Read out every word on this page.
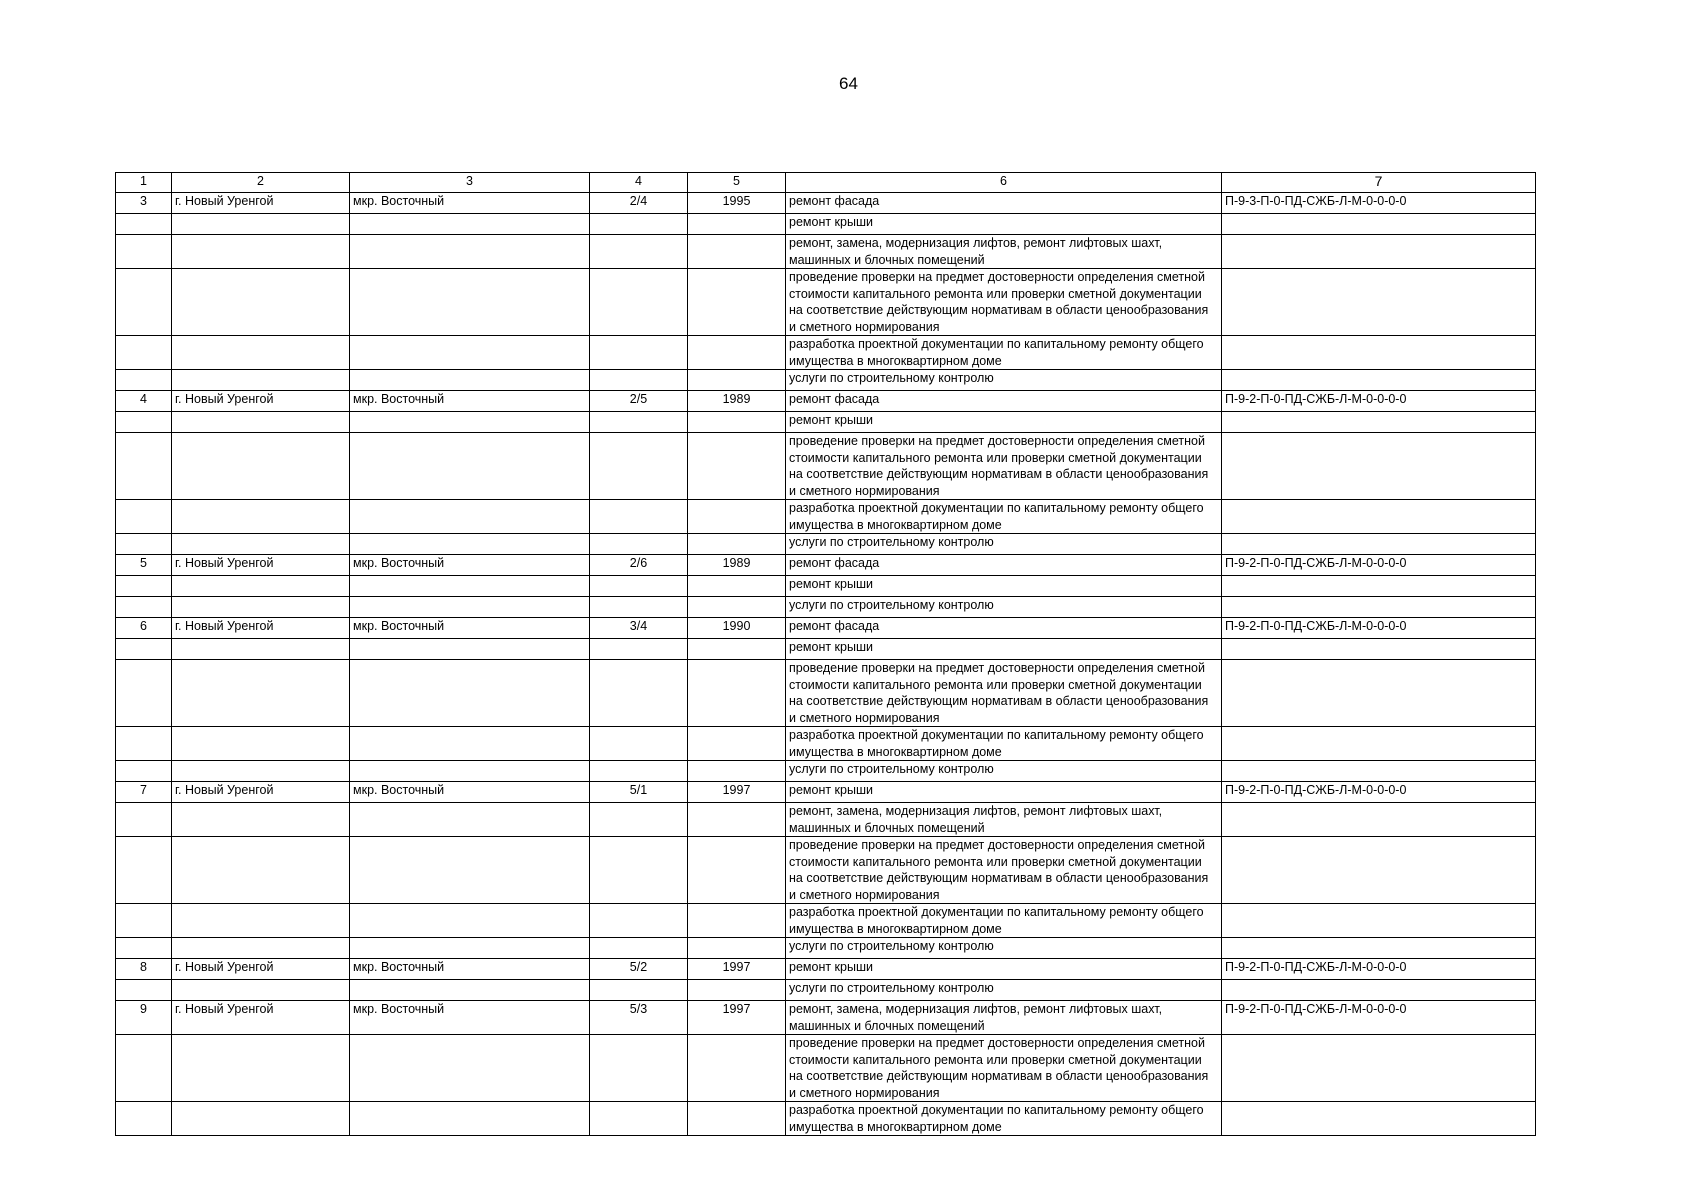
64
1	2	3	4	5	6	7
3	г. Новый Уренгой	мкр. Восточный	2/4	1995	ремонт фасада	П-9-3-П-0-ПД-СЖБ-Л-М-0-0-0-0
					ремонт крыши	
					ремонт, замена, модернизация лифтов, ремонт лифтовых шахт, машинных и блочных помещений	
					проведение проверки на предмет достоверности определения сметной стоимости капитального ремонта или проверки сметной документации на соответствие действующим нормативам в области ценообразования и сметного нормирования	
					разработка проектной документации по капитальному ремонту общего имущества в многоквартирном доме	
					услуги по строительному контролю	
4	г. Новый Уренгой	мкр. Восточный	2/5	1989	ремонт фасада	П-9-2-П-0-ПД-СЖБ-Л-М-0-0-0-0
					ремонт крыши	
					проведение проверки на предмет достоверности определения сметной стоимости капитального ремонта или проверки сметной документации на соответствие действующим нормативам в области ценообразования и сметного нормирования	
					разработка проектной документации по капитальному ремонту общего имущества в многоквартирном доме	
					услуги по строительному контролю	
5	г. Новый Уренгой	мкр. Восточный	2/6	1989	ремонт фасада	П-9-2-П-0-ПД-СЖБ-Л-М-0-0-0-0
					ремонт крыши	
					услуги по строительному контролю	
6	г. Новый Уренгой	мкр. Восточный	3/4	1990	ремонт фасада	П-9-2-П-0-ПД-СЖБ-Л-М-0-0-0-0
					ремонт крыши	
					проведение проверки на предмет достоверности определения сметной стоимости капитального ремонта или проверки сметной документации на соответствие действующим нормативам в области ценообразования и сметного нормирования	
					разработка проектной документации по капитальному ремонту общего имущества в многоквартирном доме	
					услуги по строительному контролю	
7	г. Новый Уренгой	мкр. Восточный	5/1	1997	ремонт крыши	П-9-2-П-0-ПД-СЖБ-Л-М-0-0-0-0
					ремонт, замена, модернизация лифтов, ремонт лифтовых шахт, машинных и блочных помещений	
					проведение проверки на предмет достоверности определения сметной стоимости капитального ремонта или проверки сметной документации на соответствие действующим нормативам в области ценообразования и сметного нормирования	
					разработка проектной документации по капитальному ремонту общего имущества в многоквартирном доме	
					услуги по строительному контролю	
8	г. Новый Уренгой	мкр. Восточный	5/2	1997	ремонт крыши	П-9-2-П-0-ПД-СЖБ-Л-М-0-0-0-0
					услуги по строительному контролю	
9	г. Новый Уренгой	мкр. Восточный	5/3	1997	ремонт, замена, модернизация лифтов, ремонт лифтовых шахт, машинных и блочных помещений	П-9-2-П-0-ПД-СЖБ-Л-М-0-0-0-0
					проведение проверки на предмет достоверности определения сметной стоимости капитального ремонта или проверки сметной документации на соответствие действующим нормативам в области ценообразования и сметного нормирования	
					разработка проектной документации по капитальному ремонту общего имущества в многоквартирном доме	
